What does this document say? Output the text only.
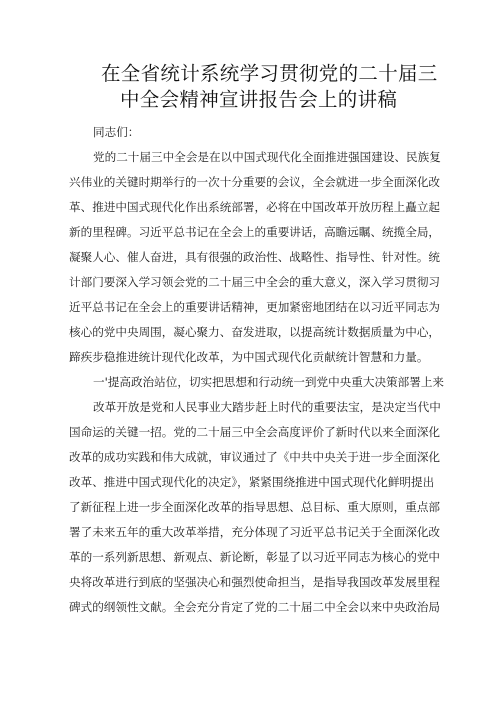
在全省统计系统学习贯彻党的二十届三
中全会精神宣讲报告会上的讲稿
同志们：
党的二十届三中全会是在以中国式现代化全面推进强国建设、民族复
兴伟业的关键时期举行的一次十分重要的会议，全会就进一步全面深化改
革、推进中国式现代化作出系统部署，必将在中国改革开放历程上矗立起
新的里程碑。习近平总书记在全会上的重要讲话，高瞻远瞩、统揽全局，
凝聚人心、催人奋进，具有很强的政治性、战略性、指导性、针对性。统
计部门要深入学习领会党的二十届三中全会的重大意义，深入学习贯彻习
近平总书记在全会上的重要讲话精神，更加紧密地团结在以习近平同志为
核心的党中央周围，凝心聚力、奋发进取，以提高统计数据质量为中心，
蹄疾步稳推进统计现代化改革，为中国式现代化贡献统计智慧和力量。
一'提高政治站位，切实把思想和行动统一到党中央重大决策部署上来
改革开放是党和人民事业大踏步赶上时代的重要法宝，是决定当代中
国命运的关键一招。党的二十届三中全会高度评价了新时代以来全面深化
改革的成功实践和伟大成就，审议通过了《中共中央关于进一步全面深化
改革、推进中国式现代化的决定》，紧紧围绕推进中国式现代化鲜明提出
了新征程上进一步全面深化改革的指导思想、总目标、重大原则，重点部
署了未来五年的重大改革举措，充分体现了习近平总书记关于全面深化改
革的一系列新思想、新观点、新论断，彰显了以习近平同志为核心的党中
央将改革进行到底的坚强决心和强烈使命担当，是指导我国改革发展里程
碑式的纲领性文献。全会充分肯定了党的二十届二中全会以来中央政治局
